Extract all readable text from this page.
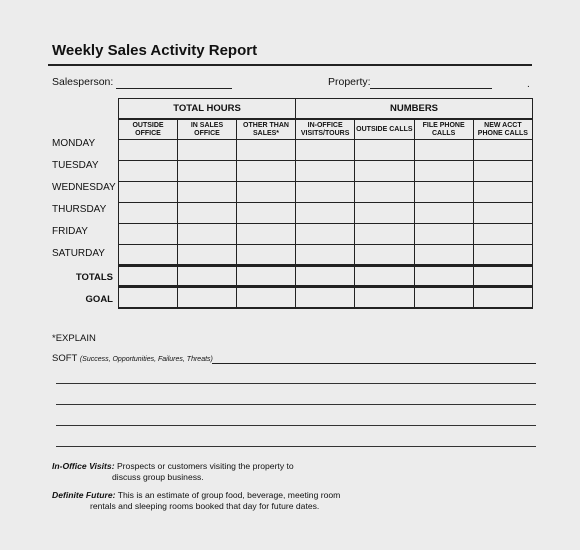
Weekly Sales Activity Report
Salesperson:	Property:	.
TOTAL HOURS			NUMBERS			
OUTSIDE OFFICE	IN SALES OFFICE	OTHER THAN SALES*	IN-OFFICE VISITS/TOURS	OUTSIDE CALLS	FILE PHONE CALLS	NEW ACCT PHONE CALLS

MONDAY
TUESDAY
WEDNESDAY
THURSDAY
FRIDAY
SATURDAY
TOTALS
GOAL
*EXPLAIN
SOFT (Success, Opportunities, Failures, Threats)
In-Office Visits: Prospects or customers visiting the property to
discuss group business.
Definite Future: This is an estimate of group food, beverage, meeting room
rentals and sleeping rooms booked that day for future dates.
